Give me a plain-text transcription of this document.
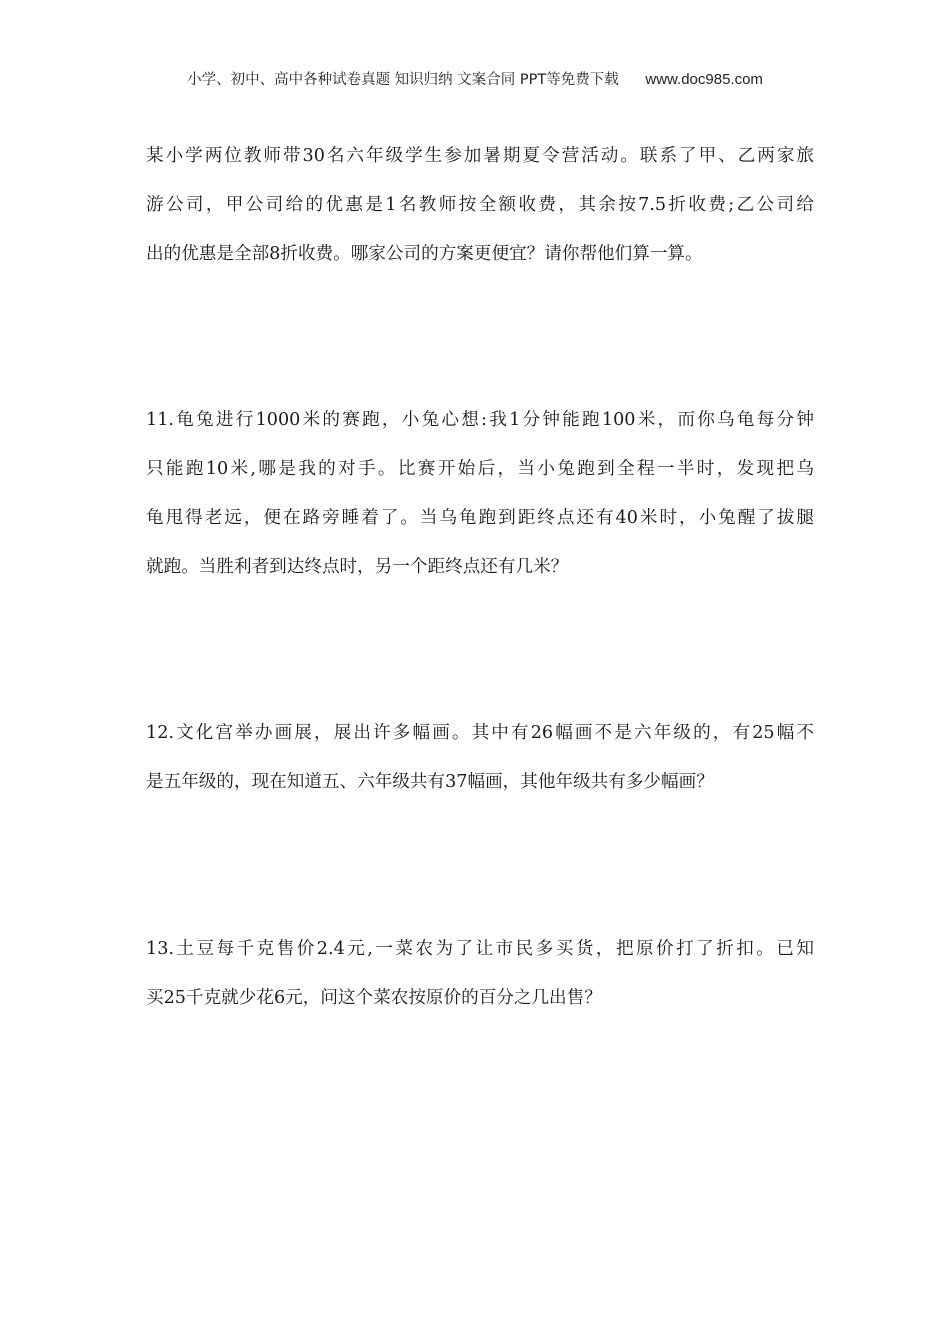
小学、初中、高中各种试卷真题 知识归纳 文案合同 PPT等免费下载 www.doc985.com
某小学两位教师带30名六年级学生参加暑期夏令营活动。联系了甲、乙两家旅
游公司，甲公司给的优惠是1名教师按全额收费，其余按7.5折收费;乙公司给
出的优惠是全部8折收费。哪家公司的方案更便宜？请你帮他们算一算。
11.龟兔进行1000米的赛跑，小兔心想:我1分钟能跑100米，而你乌龟每分钟
只能跑10米,哪是我的对手。比赛开始后，当小兔跑到全程一半时，发现把乌
龟甩得老远，便在路旁睡着了。当乌龟跑到距终点还有40米时，小兔醒了拔腿
就跑。当胜利者到达终点时，另一个距终点还有几米？
12.文化宫举办画展，展出许多幅画。其中有26幅画不是六年级的，有25幅不
是五年级的，现在知道五、六年级共有37幅画，其他年级共有多少幅画？
13.土豆每千克售价2.4元,一菜农为了让市民多买货，把原价打了折扣。已知
买25千克就少花6元，问这个菜农按原价的百分之几出售？
